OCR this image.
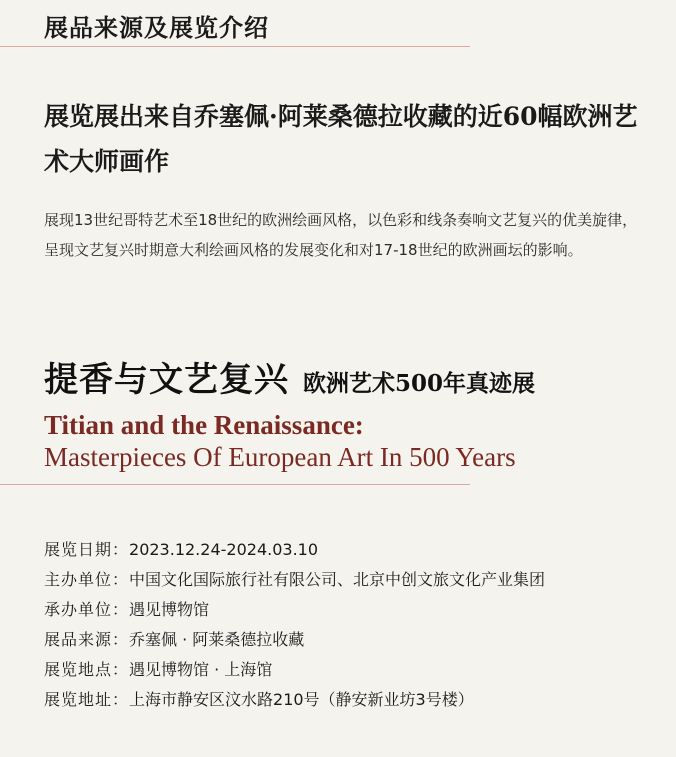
展品来源及展览介绍
展览展出来自乔塞佩·阿莱桑德拉收藏的近60幅欧洲艺术大师画作
展现13世纪哥特艺术至18世纪的欧洲绘画风格，以色彩和线条奏响文艺复兴的优美旋律，呈现文艺复兴时期意大利绘画风格的发展变化和对17-18世纪的欧洲画坛的影响。
提香与文艺复兴 欧洲艺术500年真迹展
Titian and the Renaissance:
Masterpieces Of European Art In 500 Years
展览日期：2023.12.24-2024.03.10
主办单位：中国文化国际旅行社有限公司、北京中创文旅文化产业集团
承办单位：遇见博物馆
展品来源：乔塞佩 · 阿莱桑德拉收藏
展览地点：遇见博物馆 · 上海馆
展览地址：上海市静安区汶水路210号（静安新业坊3号楼）
